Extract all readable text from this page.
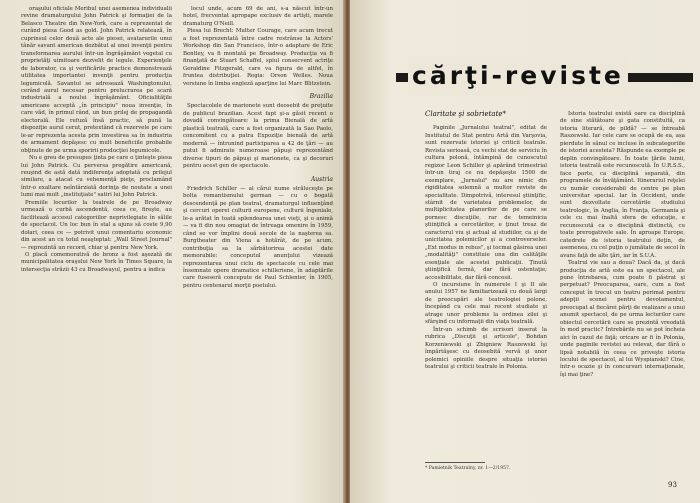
oraşului oficiale Meribul unei asemenea individualii revine dramaturgului John Patrick şi formaţiei de la Belasco Theatre din New-York, care a reprezentat de curând piesa Good as gold. John Patrick relatează, în cuprinsul celor două acte ale piesei, avatarurile unui tânăr savant american dezbătut al unei invenţii pentru transformarea aurului într-un îngrăşământ vegetal cu proprietăţi uimitoare dezvelit de legule. Experienţele de laborator, ca şi verificările practice demonstrează utilitatea importantei invenţii pentru producţia legumicolă. Savantul se adresează Washingtonului, cerând aurul necesar pentru prelucrarea pe scară industrială a noului îngrăşământ. Oficialităţile americane acceptă „în principiu" noua invenţie, în care văd, în primul rând, un bun prilej de propagandă electorală. Ele refuză însă practic, să pună la dispoziţie aurul cerut, pretextând că rezervele pe care le-ar reprezenta acesta prin investirea sa în industria de armament depăşesc cu mult beneficiile probabile obţinute de pe urma sporirii producţiei legumicole.

Nu e greu de presupus ţinta pe care o ţinteşte piesa lui John Patrick. Cu perversa pregătire americană, reuşind de astă dată indiferenţa adoptată cu prilejul similare, a atacat cu vehemenţă pieţe, proclamând într-o exaltare neîntârziată dorinţa de noutate a unei lumi mai mult „instituţiate" satiri lui John Patrick.

Premiile locurilor la teatrele de pe Broadway urmează o curbă ascendentă, ceea ce, fireşte, au facilitează accesul categoriilor neprivilegiate în sălile de spectacol. Un loc bun în stal a ajuns să coste 9,90 dolari, ceea ce — potrivit unui comentariu economic din acest an cu totul neaşteptat: „Wall Street Journal" — reprezintă un record, chiar şi pentru New York.

O placă comemorativă de bronz a fost aşezată de municipalitatea oraşului New York în Times Square, la intersecţia străzii 43 cu Broadwayul, pentru a indica

locul unde, acum 69 de ani, s-a născut într-un hotel, frecventat apropape exclusiv de artişti, marele dramaturg O'Neill.

Piesa lui Brecht: Mutter Courage, care acum trecut a fost reprezentată între cadre restrânse la Actors' Workshop din San Francisco, într-o adaptare de Eric Bentley, va fi montată pe Broadway. Producţia va fi finanţată de Stuart Schaffel, spiul consecvent actriţe Geraldine Fitzgerald, care va figura de altfel, în fruntea distribuţiei. Regia: Orson Welles. Noua versiune în limba engleză aparţine lui Marc Blitzstein.

Brazilia

Spectacolele de marionete sunt deosebit de preţuite de publicul brazilian. Acest fapt şi-a găsit recent o dovadă convingătoare: la prima Bienală de artă plastică teatrală, care a fost organizată la Sao Paolo, concomitent cu a patra Expoziţie bienală de artă modernă — întrunind participarea a 42 de ţări — au putut fi admirate numeroase păpuşi reprezentând diverse tipuri de păpuşi şi marionete, ca şi decoruri pentru acest gen de spectacole.

Austria

Friedrich Schiller — al cărui nume străluceşte pe bolta romantismului german — cu o bogată descendenţă pe plan teatral, dramaturgul influenţând şi cercuri operei culturii europene, culturii îngeniale, le-a arătat în toată splendoarea unei vieţi, şi o animă — va fi din nou omagiat de întreaga omenire în 1959, când se vor împlini două secole de la naşterea sa. Burgtheater din Viena a hotărât, de pe acum, contribuţia sa la sărbătorirea acestei date memorabile: conceputul anunţului vizează reprezentarea unui ciclu de spectacole cu cele mai însemnate opere dramatice schilleriene, în adaptările care fuseseră concepute de Paul Schlenter, în 1905, pentru centenarul morţii poetului.

cărţi-reviste
Claritate şi sobrietate*

Paginile „Jurnalului teatral", editat de Institutul de Stat pentru Artă din Varşovia, sunt rezervate istoriei şi criticii teatrale. Revista serioasă, cu vechi stat de serviciu în cultura polonă, întâmpină de cunoscutul regizor Leon Schiller şi apărând trimestrial într-un tiraj ce nu depăşeşte 1500 de exemplare, „Jurnalul" nu are nimic din rigiditatea solemnă a multor reviste de specialitate. Dimpotrivă, interesul ştiinţific, stârnit de varietatea problemelor, de multiplicitatea planurilor de pe care se pornesc discuţiile, rar de temeinicia ştiinţifică a cercetărilor, e ţinut treaz de caracterul viu şi actual al studiilor, ca şi de unicitatea polemicilor şi a controverselor. „Ext modus in rebus", şi tocmai găsirea unei „modalităţi" constituie una din calităţile esenţiale ale acestei publicaţii. Ţinută ştiinţifică fermă, dar fără ostentaţie; accesibilitate, dar fără concesii.

O incursiune în numerele I şi II ale anului 1957 ne familiarizează cu două largi de preocupări ale teatrologiei polone, începând cu cele mai recent studiate şi atrage unor problems la ordinea zilei şi sfârşind cu informaţii din viaţa teatrală.

Într-un schimb de scrisori inserat la rubrica „Discuţii şi articole", Bohdan Korzeniewski şi Zbigniew Raszewski îşi împărtăşesc cu deosebită vervă şi unor polemici opiniile despre situaţia istoriei teatrului şi criticii teatrale în Polonia.

Istoria teatrului există oare ca disciplină de sine stătătoare şi gata constituită, ca istoria literară, de pildă? — se întreabă Raszewski. Iar cele care se ocupă de ea, așa pierdute în sânul ce incluse în subcategoriile de istoriei acesteia? Răspunde ea exemple pe deplin convingătoare. În toate ţările lumii, istoria teatrală este recunoscută. În U.R.S.S., face parte, ca disciplină separată, din programele de învăţământ. Itinerariul reţelei cu număr considerabil de centre pe plan universitar special. Iar în Occident, unde sunt dezvoltate cercetările studiului teatrologic, în Anglia, în Franţa, Germania şi cele cu mai înaltă sfera de educaţie, e recunoscută ca o disciplină distinctă, cu toate prerogativele sale. În aproape Europe, catedrele de istoria teatrului deţin, de asemenea, cu cel puţin o jumătate de secol în avans faţă de alte ţări, iar în S.U.A.

Teatrul vie sau a doua? Dacă da, şi dacă producţia de artă este ea un spectacol, ale pune întrebarea, cum poate fi păstrat şi perpetuat? Preocuparea, oare, cum a fost conceput în trecut un teatru perimat pentru adepţii scenei pentru devotamentul, preocupat al fiecărei părţi de realizare a unui anumit spectacol, de pe urma lecturilor care obiectul cercetării care se prezintă vreodată în mod practic? Întrebările nu se pot încheia aici în cazul de faţă; oricare ar fi în Polonia, unde paginile revistei au relevat, dar fără o lipsă notabilă în ceea ce priveşte istoria locului de spectacol, al lui Wyspianski? Cine, într-o ocazie şi în concursuri internaţionale, îşi mai ţine?

* Pamietnik Teatralny, nr. 1—2/1957.
93
